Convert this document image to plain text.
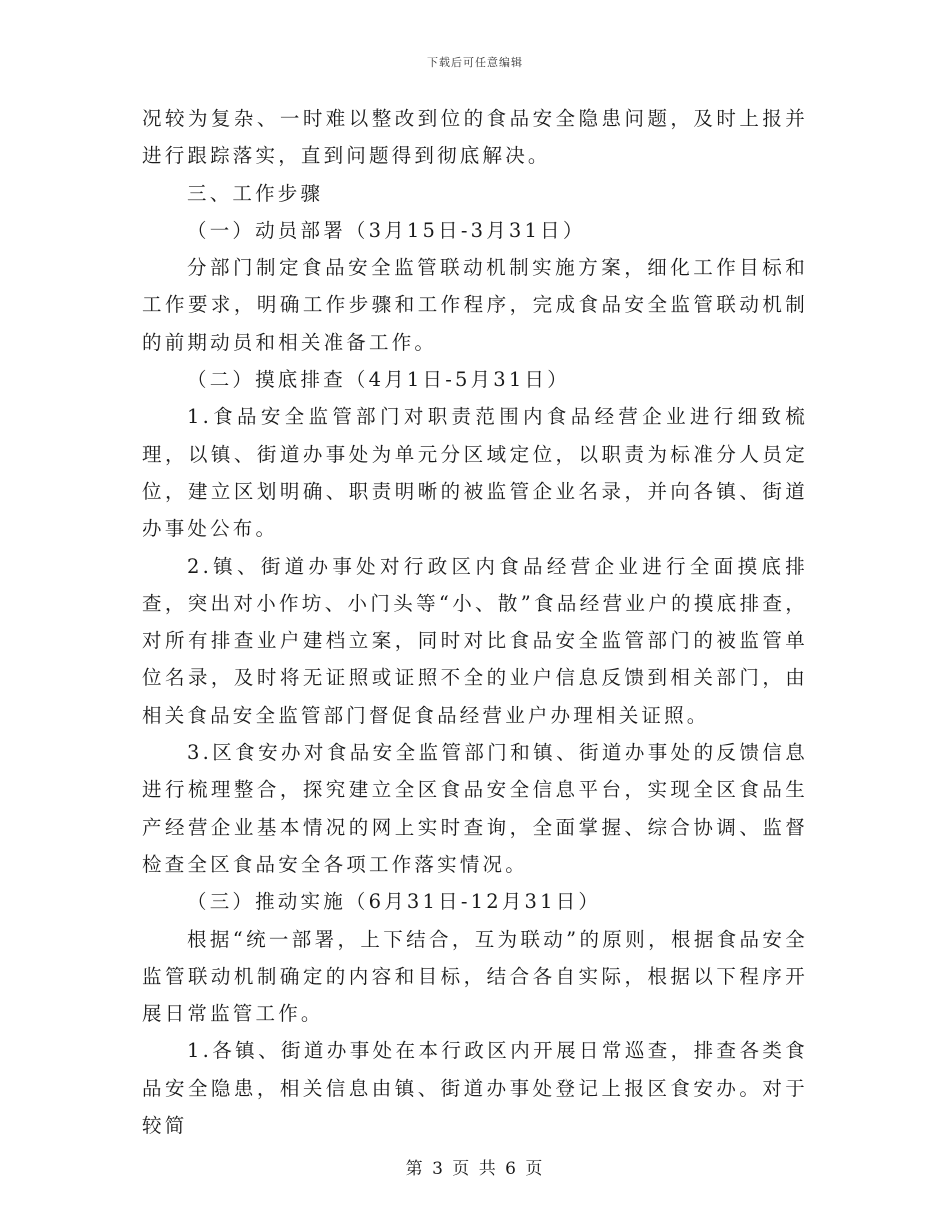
下载后可任意编辑

况较为复杂、一时难以整改到位的食品安全隐患问题，及时上报并进行跟踪落实，直到问题得到彻底解决。

三、工作步骤

（一）动员部署（3月15日-3月31日）

分部门制定食品安全监管联动机制实施方案，细化工作目标和工作要求，明确工作步骤和工作程序，完成食品安全监管联动机制的前期动员和相关准备工作。

（二）摸底排查（4月1日-5月31日）

1.食品安全监管部门对职责范围内食品经营企业进行细致梳理，以镇、街道办事处为单元分区域定位，以职责为标准分人员定位，建立区划明确、职责明晰的被监管企业名录，并向各镇、街道办事处公布。

2.镇、街道办事处对行政区内食品经营企业进行全面摸底排查，突出对小作坊、小门头等“小、散”食品经营业户的摸底排查，对所有排查业户建档立案，同时对比食品安全监管部门的被监管单位名录，及时将无证照或证照不全的业户信息反馈到相关部门，由相关食品安全监管部门督促食品经营业户办理相关证照。

3.区食安办对食品安全监管部门和镇、街道办事处的反馈信息进行梳理整合，探究建立全区食品安全信息平台，实现全区食品生产经营企业基本情况的网上实时查询，全面掌握、综合协调、监督检查全区食品安全各项工作落实情况。

（三）推动实施（6月31日-12月31日）

根据“统一部署，上下结合，互为联动”的原则，根据食品安全监管联动机制确定的内容和目标，结合各自实际，根据以下程序开展日常监管工作。

1.各镇、街道办事处在本行政区内开展日常巡查，排查各类食品安全隐患，相关信息由镇、街道办事处登记上报区食安办。对于较简

第 3 页 共 6 页
